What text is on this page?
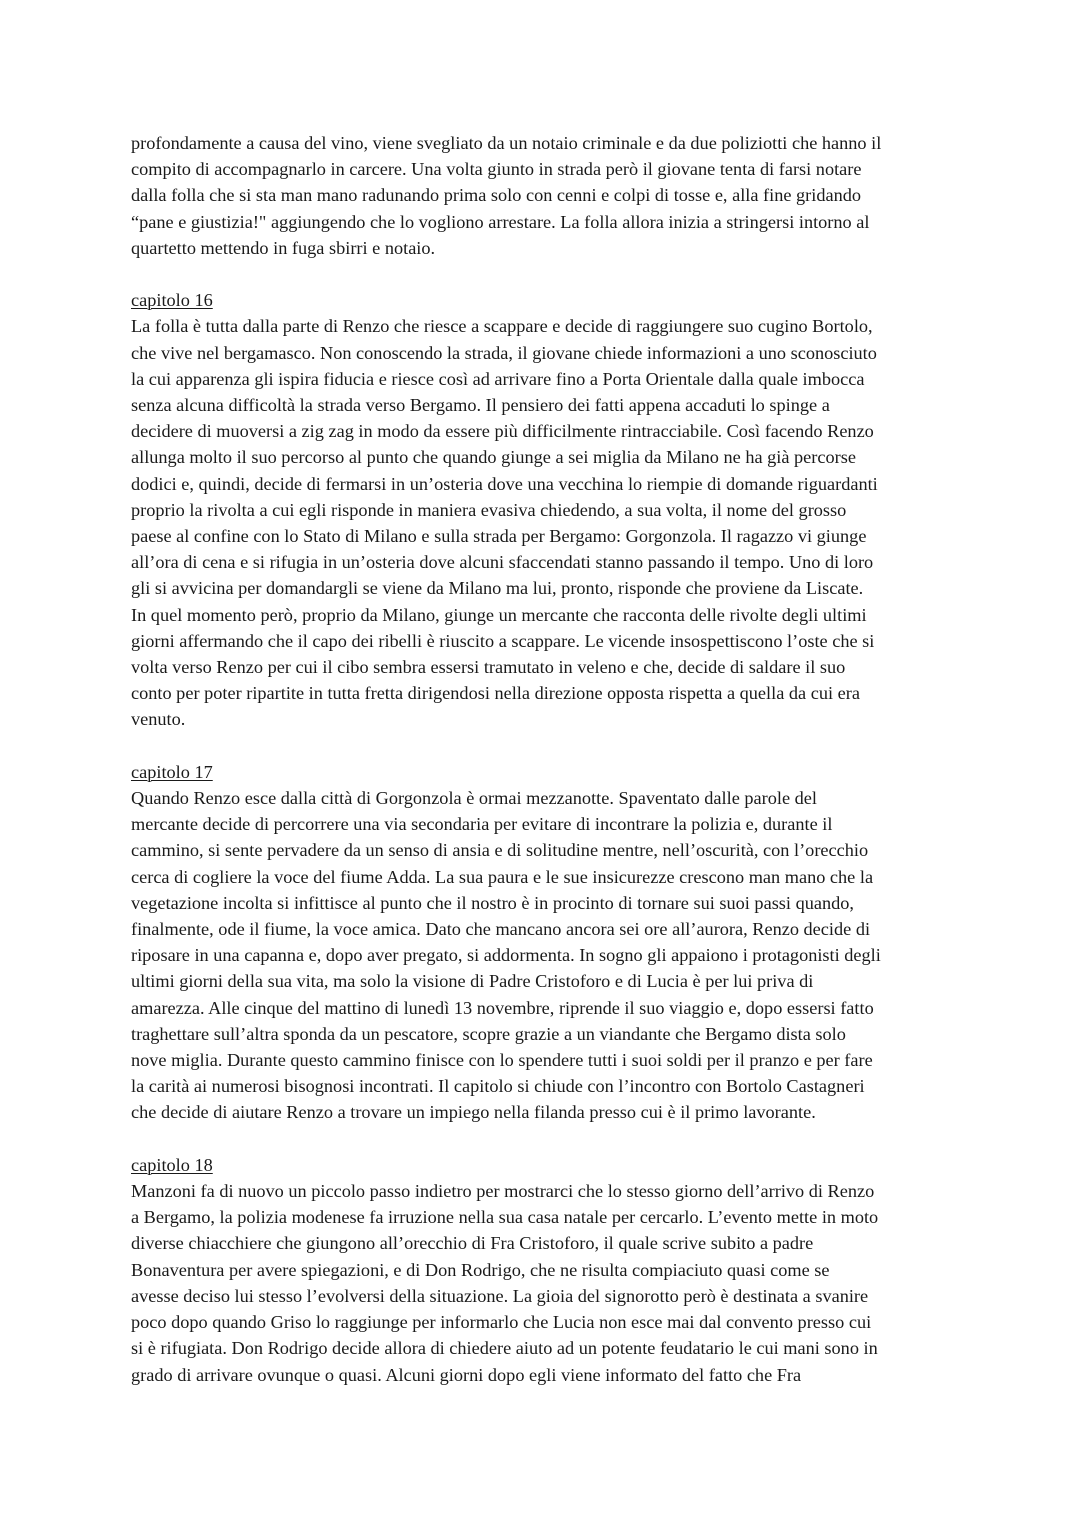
profondamente a causa del vino, viene svegliato da un notaio criminale e da due poliziotti che hanno il
compito di accompagnarlo in carcere. Una volta giunto in strada però il giovane tenta di farsi notare
dalla folla che si sta man mano radunando prima solo con cenni e colpi di tosse e, alla fine gridando
“pane e giustizia!" aggiungendo che lo vogliono arrestare. La folla allora inizia a stringersi intorno al
quartetto mettendo in fuga sbirri e notaio.
capitolo 16
La folla è tutta dalla parte di Renzo che riesce a scappare e decide di raggiungere suo cugino Bortolo,
che vive nel bergamasco. Non conoscendo la strada, il giovane chiede informazioni a uno sconosciuto
la cui apparenza gli ispira fiducia e riesce così ad arrivare fino a Porta Orientale dalla quale imbocca
senza alcuna difficoltà la strada verso Bergamo. Il pensiero dei fatti appena accaduti lo spinge a
decidere di muoversi a zig zag in modo da essere più difficilmente rintracciabile. Così facendo Renzo
allunga molto il suo percorso al punto che quando giunge a sei miglia da Milano ne ha già percorse
dodici e, quindi, decide di fermarsi in un’osteria dove una vecchina lo riempie di domande riguardanti
proprio la rivolta a cui egli risponde in maniera evasiva chiedendo, a sua volta, il nome del grosso
paese al confine con lo Stato di Milano e sulla strada per Bergamo: Gorgonzola. Il ragazzo vi giunge
all’ora di cena e si rifugia in un’osteria dove alcuni sfaccendati stanno passando il tempo. Uno di loro
gli si avvicina per domandargli se viene da Milano ma lui, pronto, risponde che proviene da Liscate.
In quel momento però, proprio da Milano, giunge un mercante che racconta delle rivolte degli ultimi
giorni affermando che il capo dei ribelli è riuscito a scappare. Le vicende insospettiscono l’oste che si
volta verso Renzo per cui il cibo sembra essersi tramutato in veleno e che, decide di saldare il suo
conto per poter ripartite in tutta fretta dirigendosi nella direzione opposta rispetta a quella da cui era
venuto.
capitolo 17
Quando Renzo esce dalla città di Gorgonzola è ormai mezzanotte. Spaventato dalle parole del
mercante decide di percorrere una via secondaria per evitare di incontrare la polizia e, durante il
cammino, si sente pervadere da un senso di ansia e di solitudine mentre, nell’oscurità, con l’orecchio
cerca di cogliere la voce del fiume Adda. La sua paura e le sue insicurezze crescono man mano che la
vegetazione incolta si infittisce al punto che il nostro è in procinto di tornare sui suoi passi quando,
finalmente, ode il fiume, la voce amica. Dato che mancano ancora sei ore all’aurora, Renzo decide di
riposare in una capanna e, dopo aver pregato, si addormenta. In sogno gli appaiono i protagonisti degli
ultimi giorni della sua vita, ma solo la visione di Padre Cristoforo e di Lucia è per lui priva di
amarezza. Alle cinque del mattino di lunedì 13 novembre, riprende il suo viaggio e, dopo essersi fatto
traghettare sull’altra sponda da un pescatore, scopre grazie a un viandante che Bergamo dista solo
nove miglia. Durante questo cammino finisce con lo spendere tutti i suoi soldi per il pranzo e per fare
la carità ai numerosi bisognosi incontrati. Il capitolo si chiude con l’incontro con Bortolo Castagneri
che decide di aiutare Renzo a trovare un impiego nella filanda presso cui è il primo lavorante.
capitolo 18
Manzoni fa di nuovo un piccolo passo indietro per mostrarci che lo stesso giorno dell’arrivo di Renzo
a Bergamo, la polizia modenese fa irruzione nella sua casa natale per cercarlo. L’evento mette in moto
diverse chiacchiere che giungono all’orecchio di Fra Cristoforo, il quale scrive subito a padre
Bonaventura per avere spiegazioni, e di Don Rodrigo, che ne risulta compiaciuto quasi come se
avesse deciso lui stesso l’evolversi della situazione. La gioia del signorotto però è destinata a svanire
poco dopo quando Griso lo raggiunge per informarlo che Lucia non esce mai dal convento presso cui
si è rifugiata. Don Rodrigo decide allora di chiedere aiuto ad un potente feudatario le cui mani sono in
grado di arrivare ovunque o quasi. Alcuni giorni dopo egli viene informato del fatto che Fra
